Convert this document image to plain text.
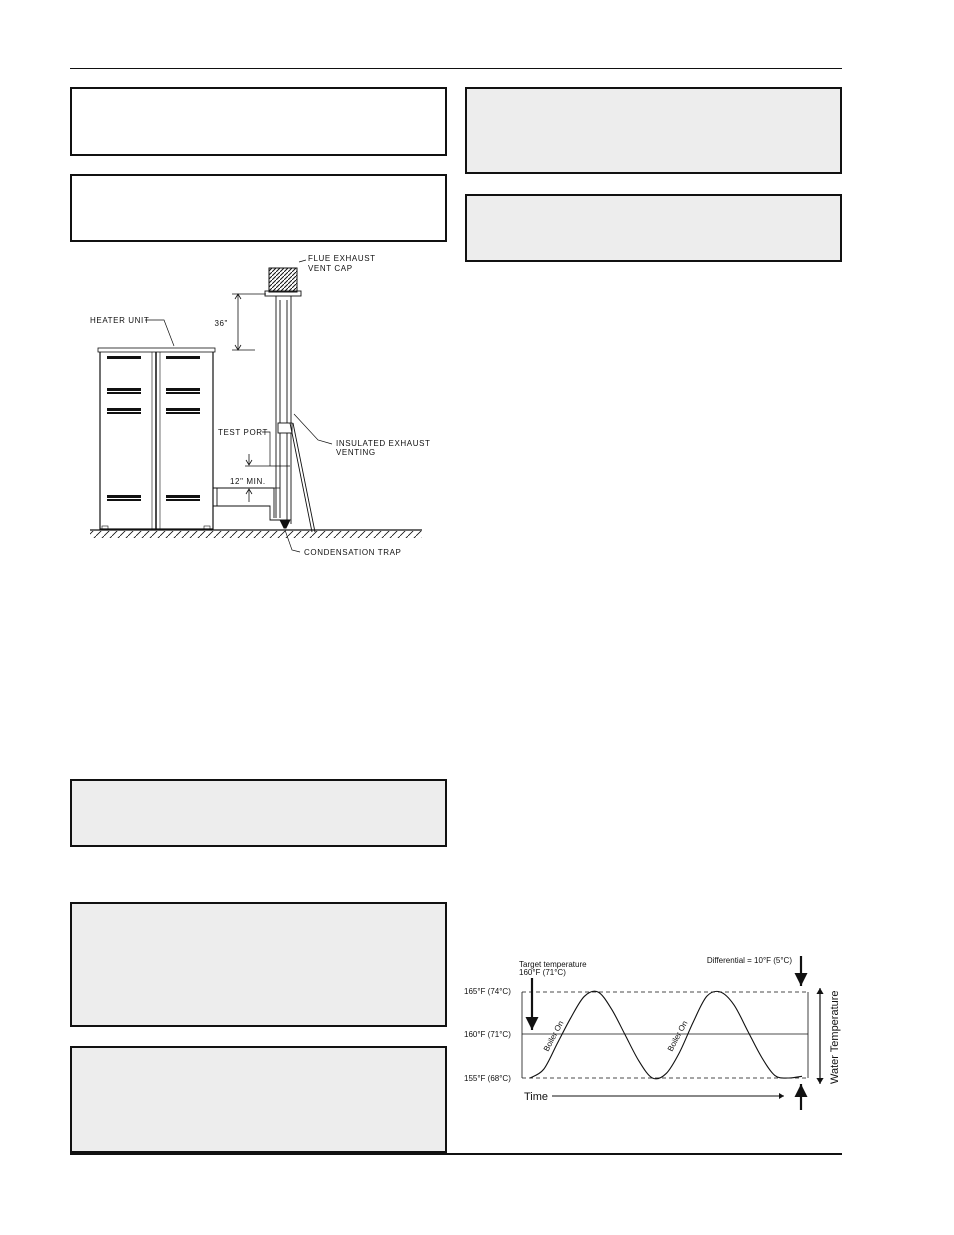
36"
12" MIN.
FLUE EXHAUST
VENT CAP
HEATER UNIT
TEST PORT
INSULATED EXHAUST
VENTING
CONDENSATION TRAP
165°F (74°C)
160°F (71°C)
155°F (68°C)
Target temperature
160°F (71°C)
Differential = 10°F (5°C)
Water Temperature
Time
Boiler On	Boiler On
